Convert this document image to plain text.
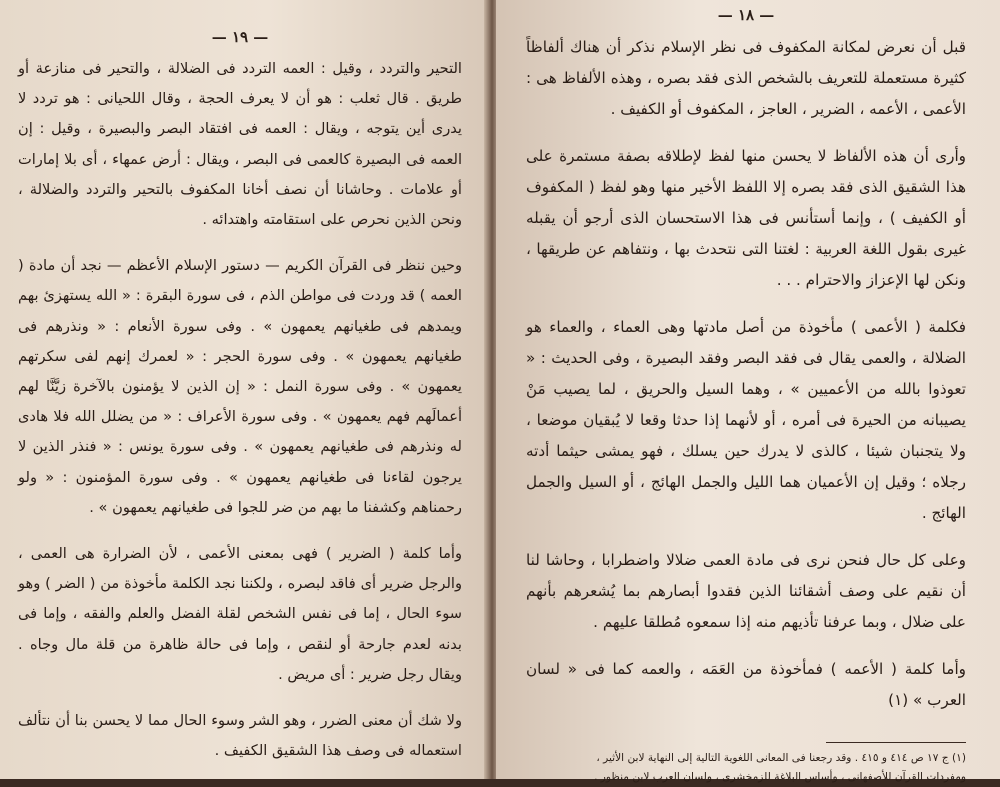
— ١٩ —

التحير والتردد ، وقيل : العمه التردد فى الضلالة ، والتحير فى منازعة أو طريق . قال ثعلب : هو أن لا يعرف الحجة ، وقال اللحيانى : هو تردد لا يدرى أين يتوجه ، ويقال : العمه فى افتقاد البصر والبصيرة ، وقيل : إن العمه فى البصيرة كالعمى فى البصر ، ويقال : أرض عمهاء ، أى بلا إمارات أو علامات . وحاشانا أن نصف أخانا المكفوف بالتحير والتردد والضلالة ، ونحن الذين نحرص على استقامته واهتدائه .

وحين ننظر فى القرآن الكريم — دستور الإسلام الأعظم — نجد أن مادة ( العمه ) قد وردت فى مواطن الذم ، فى سورة البقرة : « الله يستهزئ بهم ويمدهم فى طغيانهم يعمهون » . وفى سورة الأنعام : « ونذرهم فى طغيانهم يعمهون » . وفى سورة الحجر : « لعمرك إنهم لفى سكرتهم يعمهون » . وفى سورة النمل : « إن الذين لا يؤمنون بالآخرة زيَّنَّا لهم أعمالَهم فهم يعمهون » . وفى سورة الأعراف : « من يضلل الله فلا هادى له ونذرهم فى طغيانهم يعمهون » . وفى سورة يونس : « فنذر الذين لا يرجون لقاءنا فى طغيانهم يعمهون » . وفى سورة المؤمنون : « ولو رحمناهم وكشفنا ما بهم من ضر للجوا فى طغيانهم يعمهون » .

وأما كلمة ( الضرير ) فهى بمعنى الأعمى ، لأن الضرارة هى العمى ، والرجل ضرير أى فاقد لبصره ، ولكننا نجد الكلمة مأخوذة من ( الضر ) وهو سوء الحال ، إما فى نفس الشخص لقلة الفضل والعلم والفقه ، وإما فى بدنه لعدم جارحة أو لنقص ، وإما فى حالة ظاهرة من قلة مال وجاه . ويقال رجل ضرير : أى مريض .

ولا شك أن معنى الضرر ، وهو الشر وسوء الحال مما لا يحسن بنا أن نتألف استعماله فى وصف هذا الشقيق الكفيف .

— ١٨ —

قبل أن نعرض لمكانة المكفوف فى نظر الإسلام نذكر أن هناك ألفاظاً كثيرة مستعملة للتعريف بالشخص الذى فقد بصره ، وهذه الألفاظ هى : الأعمى ، الأعمه ، الضرير ، العاجز ، المكفوف أو الكفيف .

وأرى أن هذه الألفاظ لا يحسن منها لفظ لإطلاقه بصفة مستمرة على هذا الشقيق الذى فقد بصره إلا اللفظ الأخير منها وهو لفظ ( المكفوف أو الكفيف ) ، وإنما أستأنس فى هذا الاستحسان الذى أرجو أن يقبله غيرى بقول اللغة العربية : لغتنا التى نتحدث بها ، ونتفاهم عن طريقها ، ونكن لها الإعزاز والاحترام . . .

فكلمة ( الأعمى ) مأخوذة من أصل مادتها وهى العماء ، والعماء هو الضلالة ، والعمى يقال فى فقد البصر وفقد البصيرة ، وفى الحديث : « تعوذوا بالله من الأعميين » ، وهما السيل والحريق ، لما يصيب مَنْ يصيبانه من الحيرة فى أمره ، أو لأنهما إذا حدثا وقعا لا يُبقيان موضعا ، ولا يتجنبان شيئا ، كالذى لا يدرك حين يسلك ، فهو يمشى حيثما أدته رجلاه ؛ وقيل إن الأعميان هما الليل والجمل الهائج ، أو السيل والجمل الهائج .

وعلى كل حال فنحن نرى فى مادة العمى ضلالا واضطرابا ، وحاشا لنا أن نقيم على وصف أشقائنا الذين فقدوا أبصارهم بما يُشعرهم بأنهم على ضلال ، وبما عرفنا تأذيهم منه إذا سمعوه مُطلقا عليهم .

وأما كلمة ( الأعمه ) فمأخوذة من العَمَه ، والعمه كما فى « لسان العرب » (١)

(١) ج ١٧ ص ٤١٤ و ٤١٥ . وقد رجعنا فى المعانى اللغوية التالية إلى النهاية لابن الأثير ،

ومفردات القرآن للأصفهانى ، وأساس البلاغة للزمخشرى ، ولسان العرب لابن منظور .
